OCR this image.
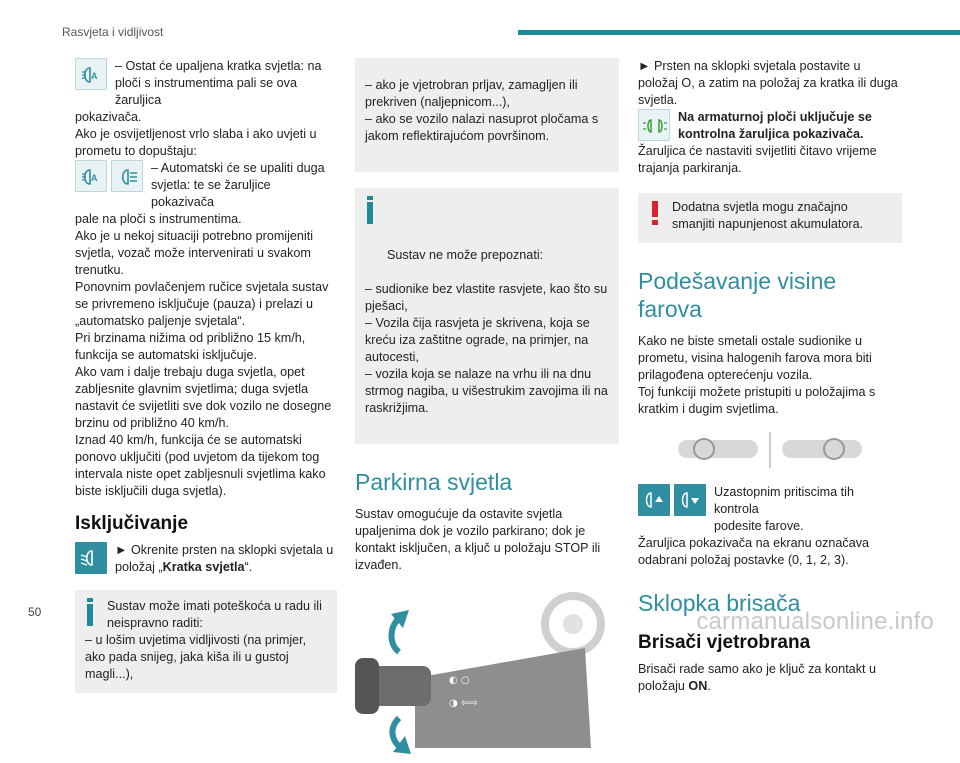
Rasvjeta i vidljivost
A

– Ostat će upaljena kratka svjetla: na

ploči s instrumentima pali se ova žaruljica

pokazivača.

Ako je osvijetljenost vrlo slaba i ako uvjeti u

prometu to dopuštaju:

A

– Automatski će se upaliti duga

svjetla: te se žaruljice pokazivača

pale na ploči s instrumentima.

Ako je u nekoj situaciji potrebno promijeniti svjetla, vozač može intervenirati u svakom trenutku.

Ponovnim povlačenjem ručice svjetala sustav se privremeno isključuje (pauza) i prelazi u „automatsko paljenje svjetala“.

Pri brzinama nižima od približno 15 km/h, funkcija se automatski isključuje.

Ako vam i dalje trebaju duga svjetla, opet zabljesnite glavnim svjetlima; duga svjetla nastavit će svijetliti sve dok vozilo ne dosegne brzinu od približno 40 km/h.

Iznad 40 km/h, funkcija će se automatski ponovo uključiti (pod uvjetom da tijekom tog intervala niste opet zabljesnuli svjetlima kako biste isključili duga svjetla).

Isključivanje

► Okrenite prsten na sklopki svjetala u

položaj „Kratka svjetla“.

Sustav može imati poteškoća u radu ili neispravno raditi:

– u lošim uvjetima vidljivosti (na primjer, ako pada snijeg, jaka kiša ili u gustoj magli...),

– ako je vjetrobran prljav, zamagljen ili prekriven (naljepnicom...),
– ako se vozilo nalazi nasuprot pločama s jakom reflektirajućom površinom.

Sustav ne može prepoznati:

– sudionike bez vlastite rasvjete, kao što su pješaci,
– Vozila čija rasvjeta je skrivena, koja se kreću iza zaštitne ograde, na primjer, na autocesti,
– vozila koja se nalaze na vrhu ili na dnu strmog nagiba, u višestrukim zavojima ili na raskrižjima.

Parkirna svjetla

Sustav omogućuje da ostavite svjetla upaljenima dok je vozilo parkirano; dok je kontakt isključen, a ključ u položaju STOP ili izvađen.

◐ ○
◑ ⇦⇨

► Prsten na sklopki svjetala postavite u položaj O, a zatim na položaj za kratka ili duga svjetla.

Na armaturnoj ploči uključuje se

kontrolna žaruljica pokazivača.

Žaruljica će nastaviti svijetliti čitavo vrijeme trajanja parkiranja.

Dodatna svjetla mogu značajno smanjiti napunjenost akumulatora.

Podešavanje visine farova

Kako ne biste smetali ostale sudionike u prometu, visina halogenih farova mora biti prilagođena opterećenju vozila.

Toj funkciji možete pristupiti u položajima s kratkim i dugim svjetlima.

Uzastopnim pritiscima tih kontrola

podesite farove.

Žaruljica pokazivača na ekranu označava odabrani položaj postavke (0, 1, 2, 3).

Sklopka brisača
Brisači vjetrobrana

Brisači rade samo ako je ključ za kontakt u položaju ON.

50	carmanualsonline.info
